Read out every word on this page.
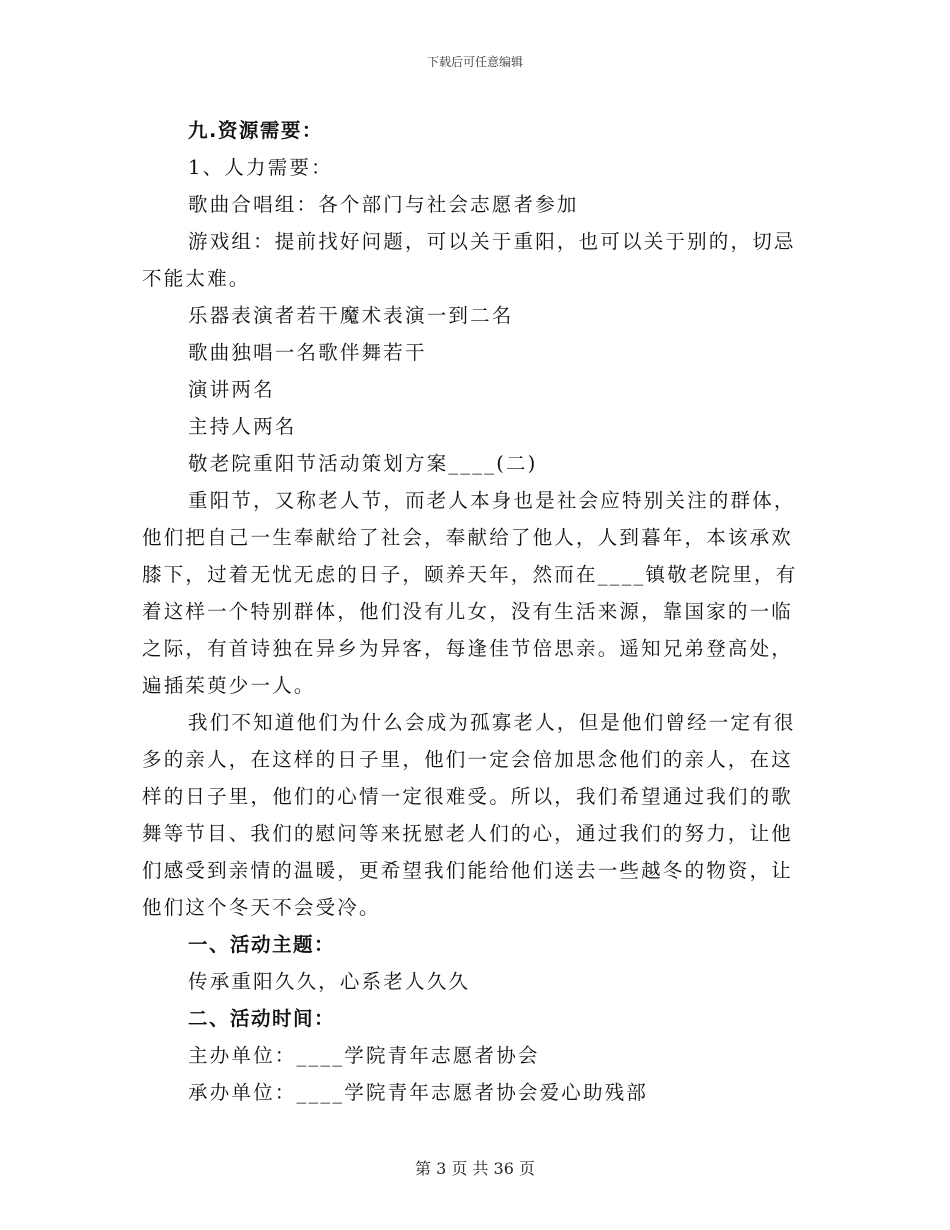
下载后可任意编辑
九.资源需要：
1、人力需要：
歌曲合唱组：各个部门与社会志愿者参加
游戏组：提前找好问题，可以关于重阳，也可以关于别的，切忌
不能太难。
乐器表演者若干魔术表演一到二名
歌曲独唱一名歌伴舞若干
演讲两名
主持人两名
敬老院重阳节活动策划方案____(二)
重阳节，又称老人节，而老人本身也是社会应特别关注的群体，
他们把自己一生奉献给了社会，奉献给了他人，人到暮年，本该承欢
膝下，过着无忧无虑的日子，颐养天年，然而在____镇敬老院里，有
着这样一个特别群体，他们没有儿女，没有生活来源，靠国家的一临
之际，有首诗独在异乡为异客，每逢佳节倍思亲。遥知兄弟登高处，
遍插茱萸少一人。
我们不知道他们为什么会成为孤寡老人，但是他们曾经一定有很
多的亲人，在这样的日子里，他们一定会倍加思念他们的亲人，在这
样的日子里，他们的心情一定很难受。所以，我们希望通过我们的歌
舞等节目、我们的慰问等来抚慰老人们的心，通过我们的努力，让他
们感受到亲情的温暖，更希望我们能给他们送去一些越冬的物资，让
他们这个冬天不会受冷。
一、活动主题：
传承重阳久久，心系老人久久
二、活动时间：
主办单位：____学院青年志愿者协会
承办单位：____学院青年志愿者协会爱心助残部
第 3 页 共 36 页
